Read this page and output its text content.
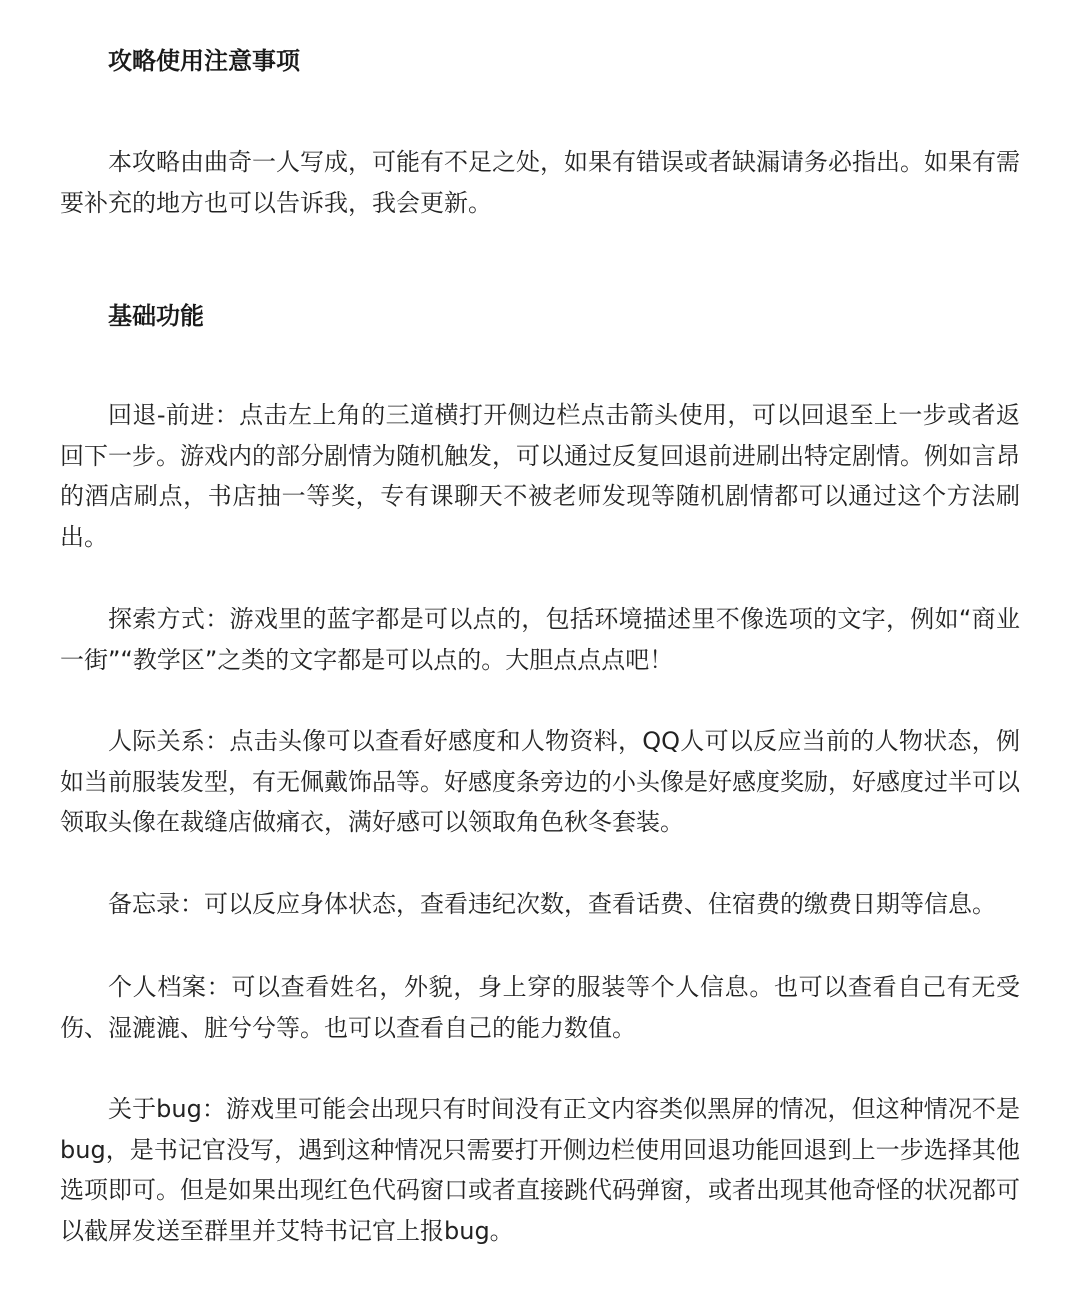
攻略使用注意事项

本攻略由曲奇一人写成，可能有不足之处，如果有错误或者缺漏请务必指出。如果有需要补充的地方也可以告诉我，我会更新。

基础功能

回退-前进：点击左上角的三道横打开侧边栏点击箭头使用，可以回退至上一步或者返回下一步。游戏内的部分剧情为随机触发，可以通过反复回退前进刷出特定剧情。例如言昂的酒店刷点，书店抽一等奖，专有课聊天不被老师发现等随机剧情都可以通过这个方法刷出。

探索方式：游戏里的蓝字都是可以点的，包括环境描述里不像选项的文字，例如“商业一街”“教学区”之类的文字都是可以点的。大胆点点点吧！

人际关系：点击头像可以查看好感度和人物资料，QQ人可以反应当前的人物状态，例如当前服装发型，有无佩戴饰品等。好感度条旁边的小头像是好感度奖励，好感度过半可以领取头像在裁缝店做痛衣，满好感可以领取角色秋冬套装。

备忘录：可以反应身体状态，查看违纪次数，查看话费、住宿费的缴费日期等信息。

个人档案：可以查看姓名，外貌，身上穿的服装等个人信息。也可以查看自己有无受伤、湿漉漉、脏兮兮等。也可以查看自己的能力数值。

关于bug：游戏里可能会出现只有时间没有正文内容类似黑屏的情况，但这种情况不是bug，是书记官没写，遇到这种情况只需要打开侧边栏使用回退功能回退到上一步选择其他选项即可。但是如果出现红色代码窗口或者直接跳代码弹窗，或者出现其他奇怪的状况都可以截屏发送至群里并艾特书记官上报bug。
